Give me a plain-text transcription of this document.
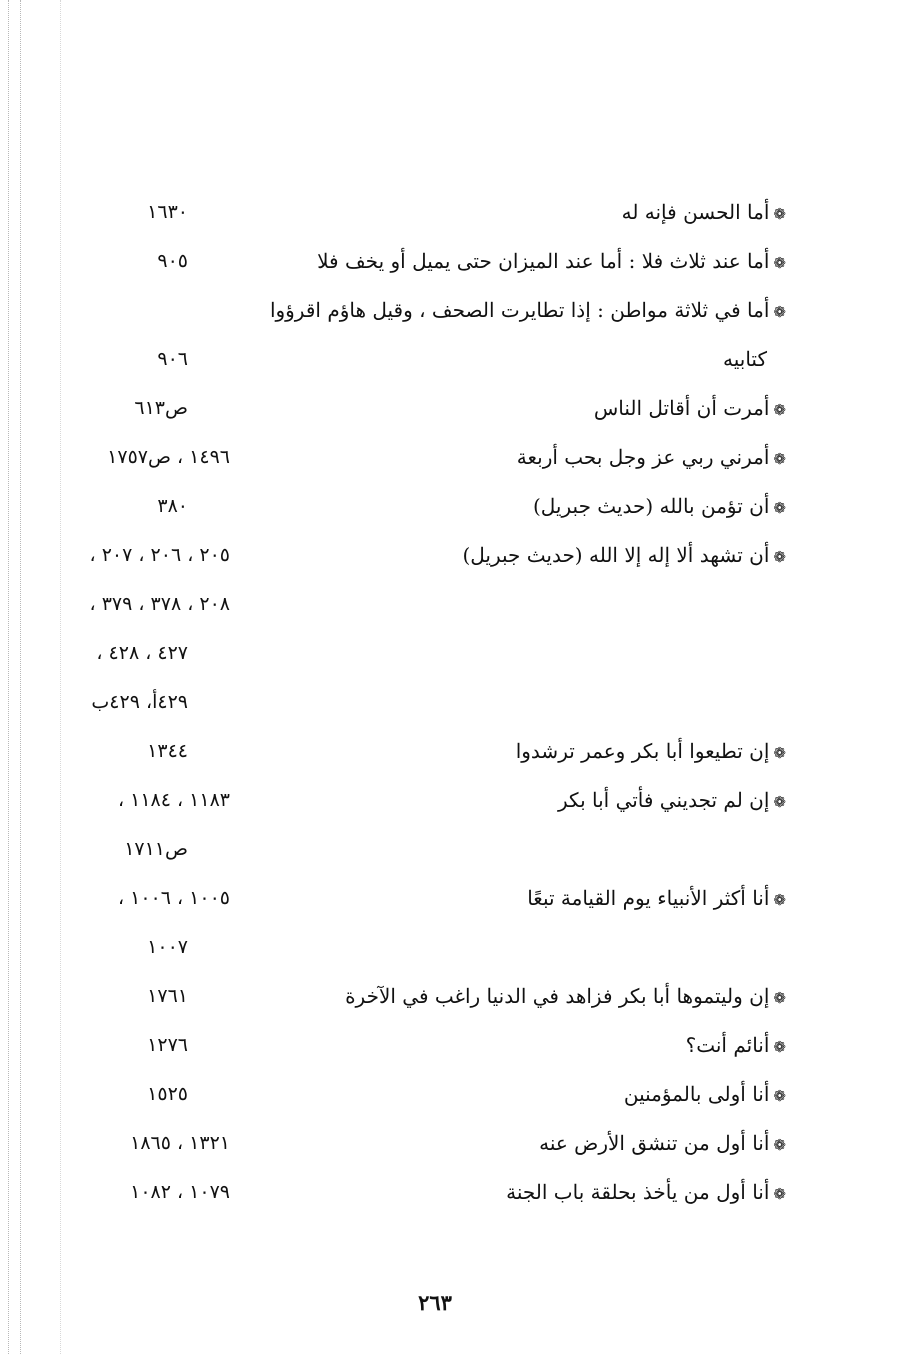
❁أما الحسن فإنه له
١٦٣٠
❁أما عند ثلاث فلا : أما عند الميزان حتى يميل أو يخف فلا
٩٠٥
❁أما في ثلاثة مواطن : إذا تطايرت الصحف ، وقيل هاؤم اقرؤوا
كتابيه
٩٠٦
❁أمرت أن أقاتل الناس
ص٦١٣
❁أمرني ربي عز وجل بحب أربعة
١٤٩٦ ، ص١٧٥٧
❁أن تؤمن بالله (حديث جبريل)
٣٨٠
❁أن تشهد ألا إله إلا الله (حديث جبريل)
٢٠٥ ، ٢٠٦ ، ٢٠٧ ،
٢٠٨ ، ٣٧٨ ، ٣٧٩ ،
٤٢٧ ، ٤٢٨ ،
٤٢٩أ، ٤٢٩ب
❁إن تطيعوا أبا بكر وعمر ترشدوا
١٣٤٤
❁إن لم تجديني فأتي أبا بكر
١١٨٣ ، ١١٨٤ ،
ص١٧١١
❁أنا أكثر الأنبياء يوم القيامة تبعًا
١٠٠٥ ، ١٠٠٦ ،
١٠٠٧
❁إن وليتموها أبا بكر فزاهد في الدنيا راغب في الآخرة
١٧٦١
❁أنائم أنت؟
١٢٧٦
❁أنا أولى بالمؤمنين
١٥٢٥
❁أنا أول من تنشق الأرض عنه
١٣٢١ ، ١٨٦٥
❁أنا أول من يأخذ بحلقة باب الجنة
١٠٧٩ ، ١٠٨٢
٢٦٣
